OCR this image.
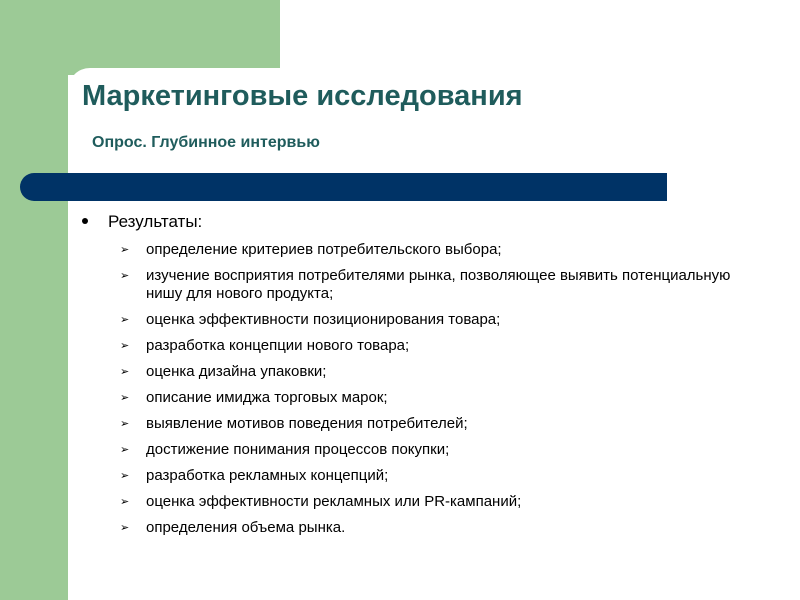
Маркетинговые исследования
Опрос. Глубинное интервью
Результаты:
➢ определение критериев потребительского выбора;
➢ изучение восприятия потребителями рынка, позволяющее выявить потенциальную нишу для нового продукта;
➢ оценка эффективности позиционирования товара;
➢ разработка концепции нового товара;
➢ оценка дизайна упаковки;
➢ описание имиджа торговых марок;
➢ выявление мотивов поведения потребителей;
➢ достижение понимания процессов покупки;
➢ разработка рекламных концепций;
➢ оценка эффективности рекламных или PR-кампаний;
➢ определения объема рынка.
